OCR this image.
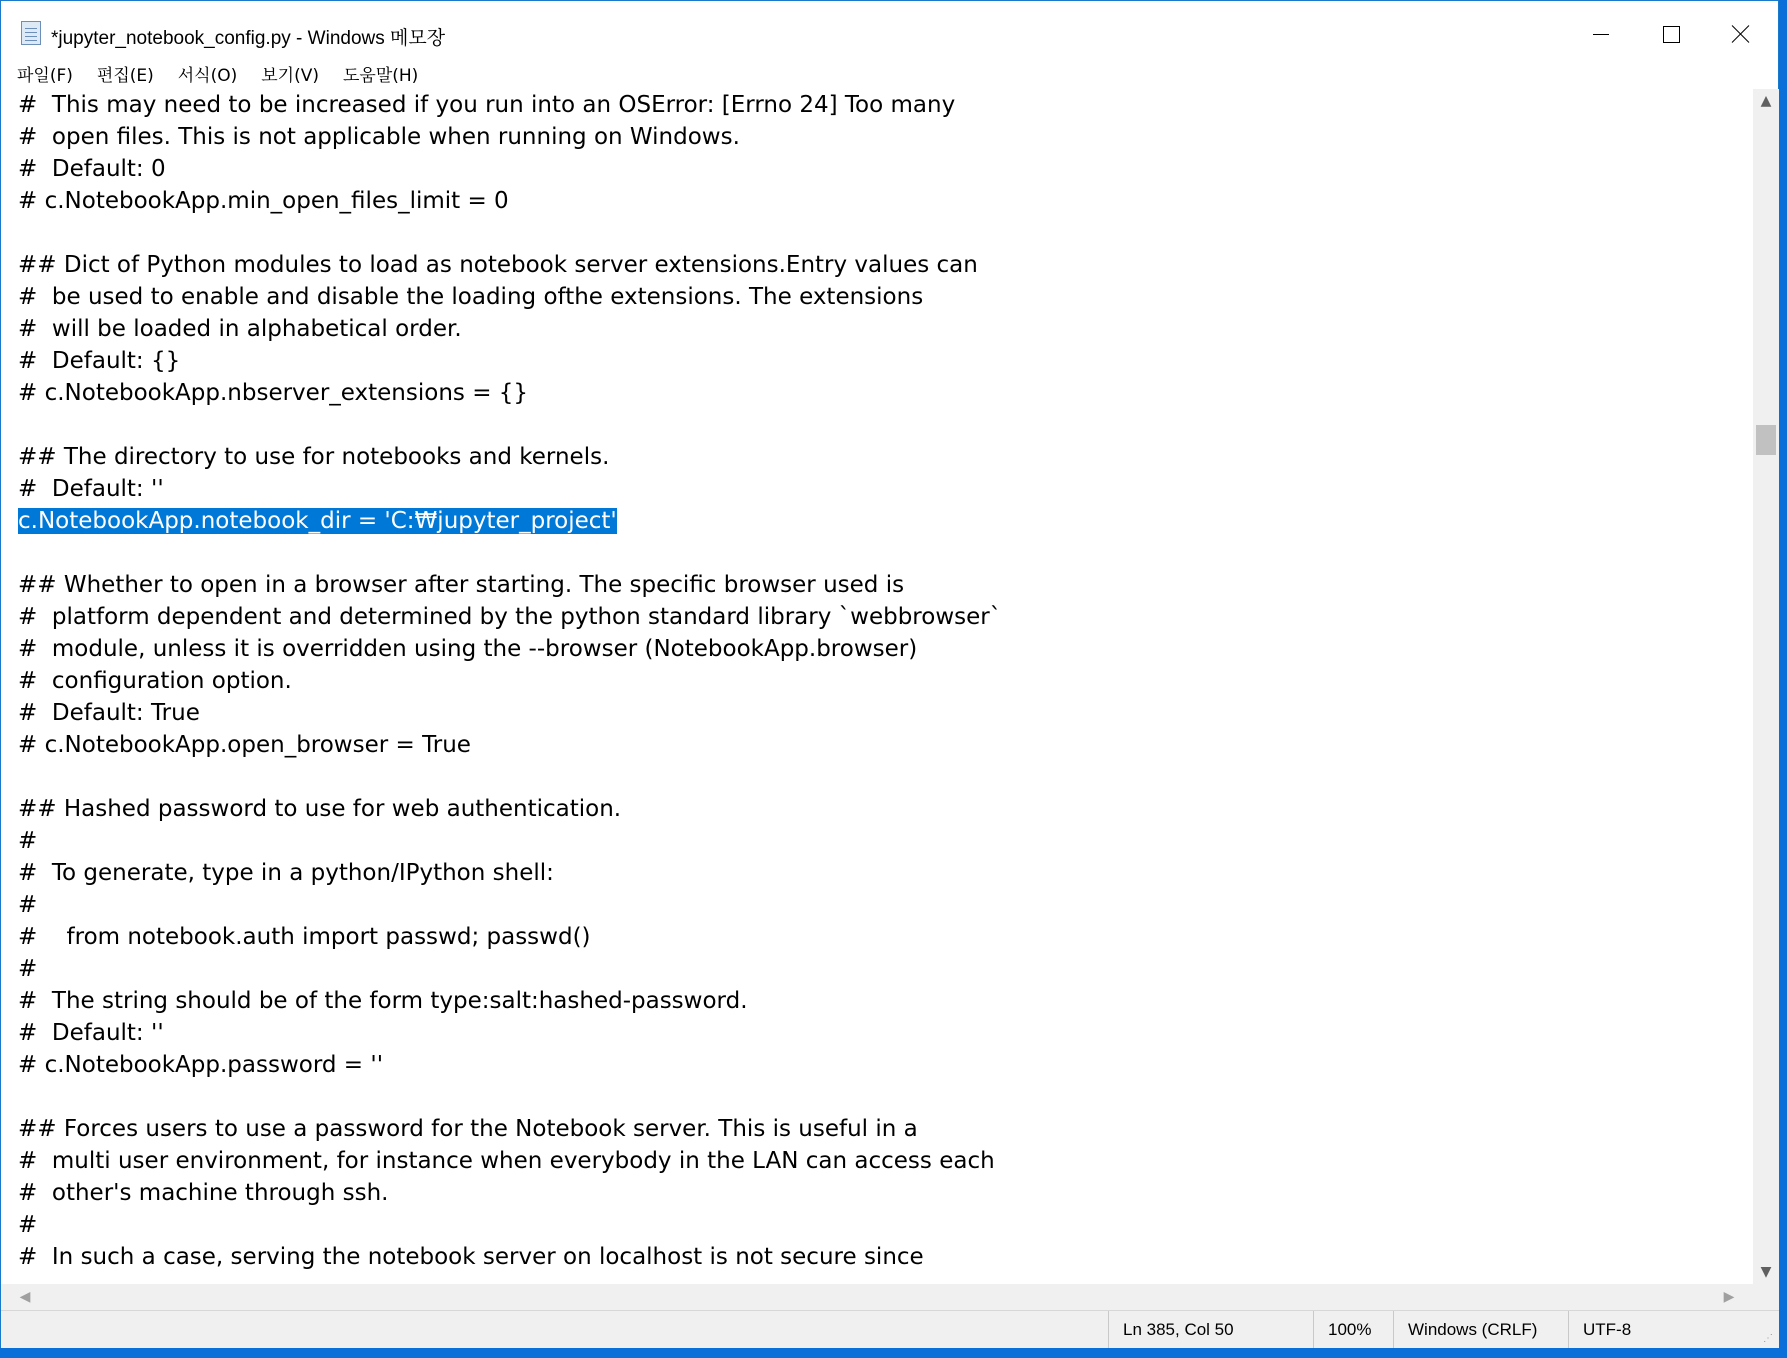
*jupyter_notebook_config.py - Windows 메모장
파일(F)	편집(E)	서식(O)	보기(V)	도움말(H)
#  This may need to be increased if you run into an OSError: [Errno 24] Too many
#  open files. This is not applicable when running on Windows.
#  Default: 0
# c.NotebookApp.min_open_files_limit = 0
## Dict of Python modules to load as notebook server extensions.Entry values can
#  be used to enable and disable the loading ofthe extensions. The extensions
#  will be loaded in alphabetical order.
#  Default: {}
# c.NotebookApp.nbserver_extensions = {}
## The directory to use for notebooks and kernels.
#  Default: ''
c.NotebookApp.notebook_dir = 'C:₩jupyter_project'
## Whether to open in a browser after starting. The specific browser used is
#  platform dependent and determined by the python standard library `webbrowser`
#  module, unless it is overridden using the --browser (NotebookApp.browser)
#  configuration option.
#  Default: True
# c.NotebookApp.open_browser = True
## Hashed password to use for web authentication.
#
#  To generate, type in a python/IPython shell:
#
#    from notebook.auth import passwd; passwd()
#
#  The string should be of the form type:salt:hashed-password.
#  Default: ''
# c.NotebookApp.password = ''
## Forces users to use a password for the Notebook server. This is useful in a
#  multi user environment, for instance when everybody in the LAN can access each
#  other's machine through ssh.
#
#  In such a case, serving the notebook server on localhost is not secure since
▲
▼
◀	▶
Ln 385, Col 50	100%	Windows (CRLF)	UTF-8	⋰
